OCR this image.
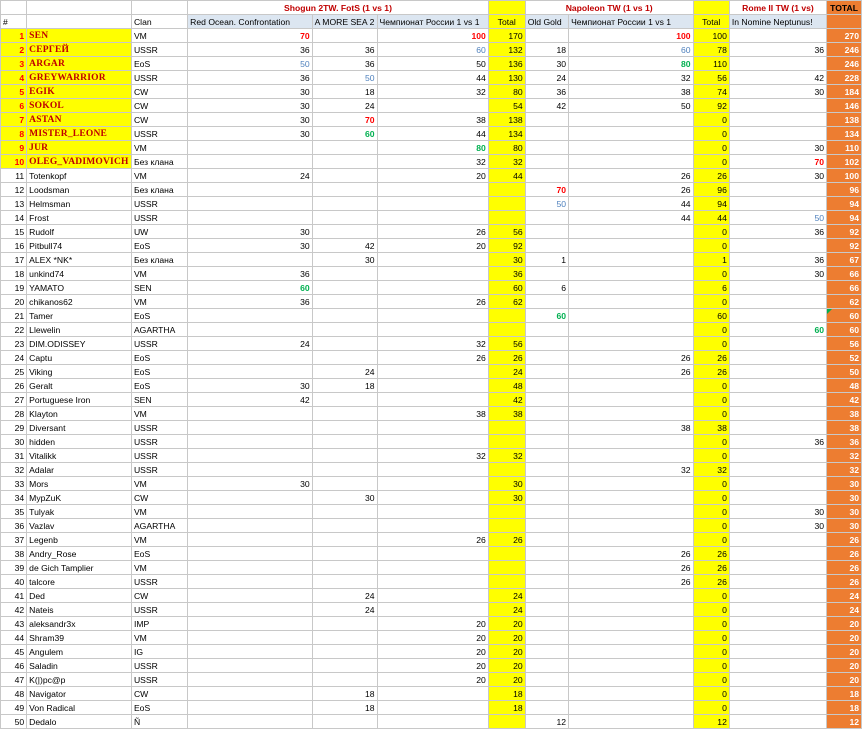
			Shogun 2TW. FotS (1 vs 1)				Napoleon TW (1 vs 1)			Rome II TW (1 vs)	TOTAL
#		Clan	Red Ocean. Confrontation	A MORE SEA 2	Чемпионат России 1 vs 1	Total	Old Gold	Чемпионат России 1 vs 1	Total	In Nomine Neptunus!	
1	SEN	VM	70		100	170		100	100		270
2	СЕРГЕЙ	USSR	36	36	60	132	18	60	78	36	246
3	ARGAR	EoS	50	36	50	136	30	80	110		246
4	GREYWARRIOR	USSR	36	50	44	130	24	32	56	42	228
5	EGIK	CW	30	18	32	80	36	38	74	30	184
6	SOKOL	CW	30	24		54	42	50	92		146
7	ASTAN	CW	30	70	38	138			0		138
8	MISTER_LEONE	USSR	30	60	44	134			0		134
9	JUR	VM			80	80			0	30	110
10	OLEG_VADIMOVICH	Без клана			32	32			0	70	102
11	Totenkopf	VM	24		20	44		26	26	30	100
12	Loodsman	Без клана					70	26	96		96
13	Helmsman	USSR					50	44	94		94
14	Frost	USSR						44	44	50	94
15	Rudolf	UW	30		26	56			0	36	92
16	Pitbull74	EoS	30	42	20	92			0		92
17	ALEX *NK*	Без клана		30		30	1		1	36	67
18	unkind74	VM	36			36			0	30	66
19	YAMATO	SEN	60			60	6		6		66
20	chikanos62	VM	36		26	62			0		62
21	Tamer	EoS					60		60		60
22	Llewelin	AGARTHA							0	60	60
23	DIM.ODISSEY	USSR	24		32	56			0		56
24	Captu	EoS			26	26		26	26		52
25	Viking	EoS		24		24		26	26		50
26	Geralt	EoS	30	18		48			0		48
27	Portuguese Iron	SEN	42			42			0		42
28	Klayton	VM			38	38			0		38
29	Diversant	USSR						38	38		38
30	hidden	USSR							0	36	36
31	Vitalikk	USSR			32	32			0		32
32	Adalar	USSR						32	32		32
33	Mors	VM	30			30			0		30
34	MypZuK	CW		30		30			0		30
35	Tulyak	VM							0	30	30
36	Vazlav	AGARTHA							0	30	30
37	Legenb	VM			26	26			0		26
38	Andry_Rose	EoS						26	26		26
39	de Gich Tamplier	VM						26	26		26
40	talcore	USSR						26	26		26
41	Ded	CW		24		24			0		24
42	Nateis	USSR		24		24			0		24
43	aleksandr3x	IMP			20	20			0		20
44	Shram39	VM			20	20			0		20
45	Angulem	IG			20	20			0		20
46	Saladin	USSR			20	20			0		20
47	K(|)pc@p	USSR			20	20			0		20
48	Navigator	CW		18		18			0		18
49	Von Radical	EoS		18		18			0		18
50	Dedalo	Ñ					12		12		12
